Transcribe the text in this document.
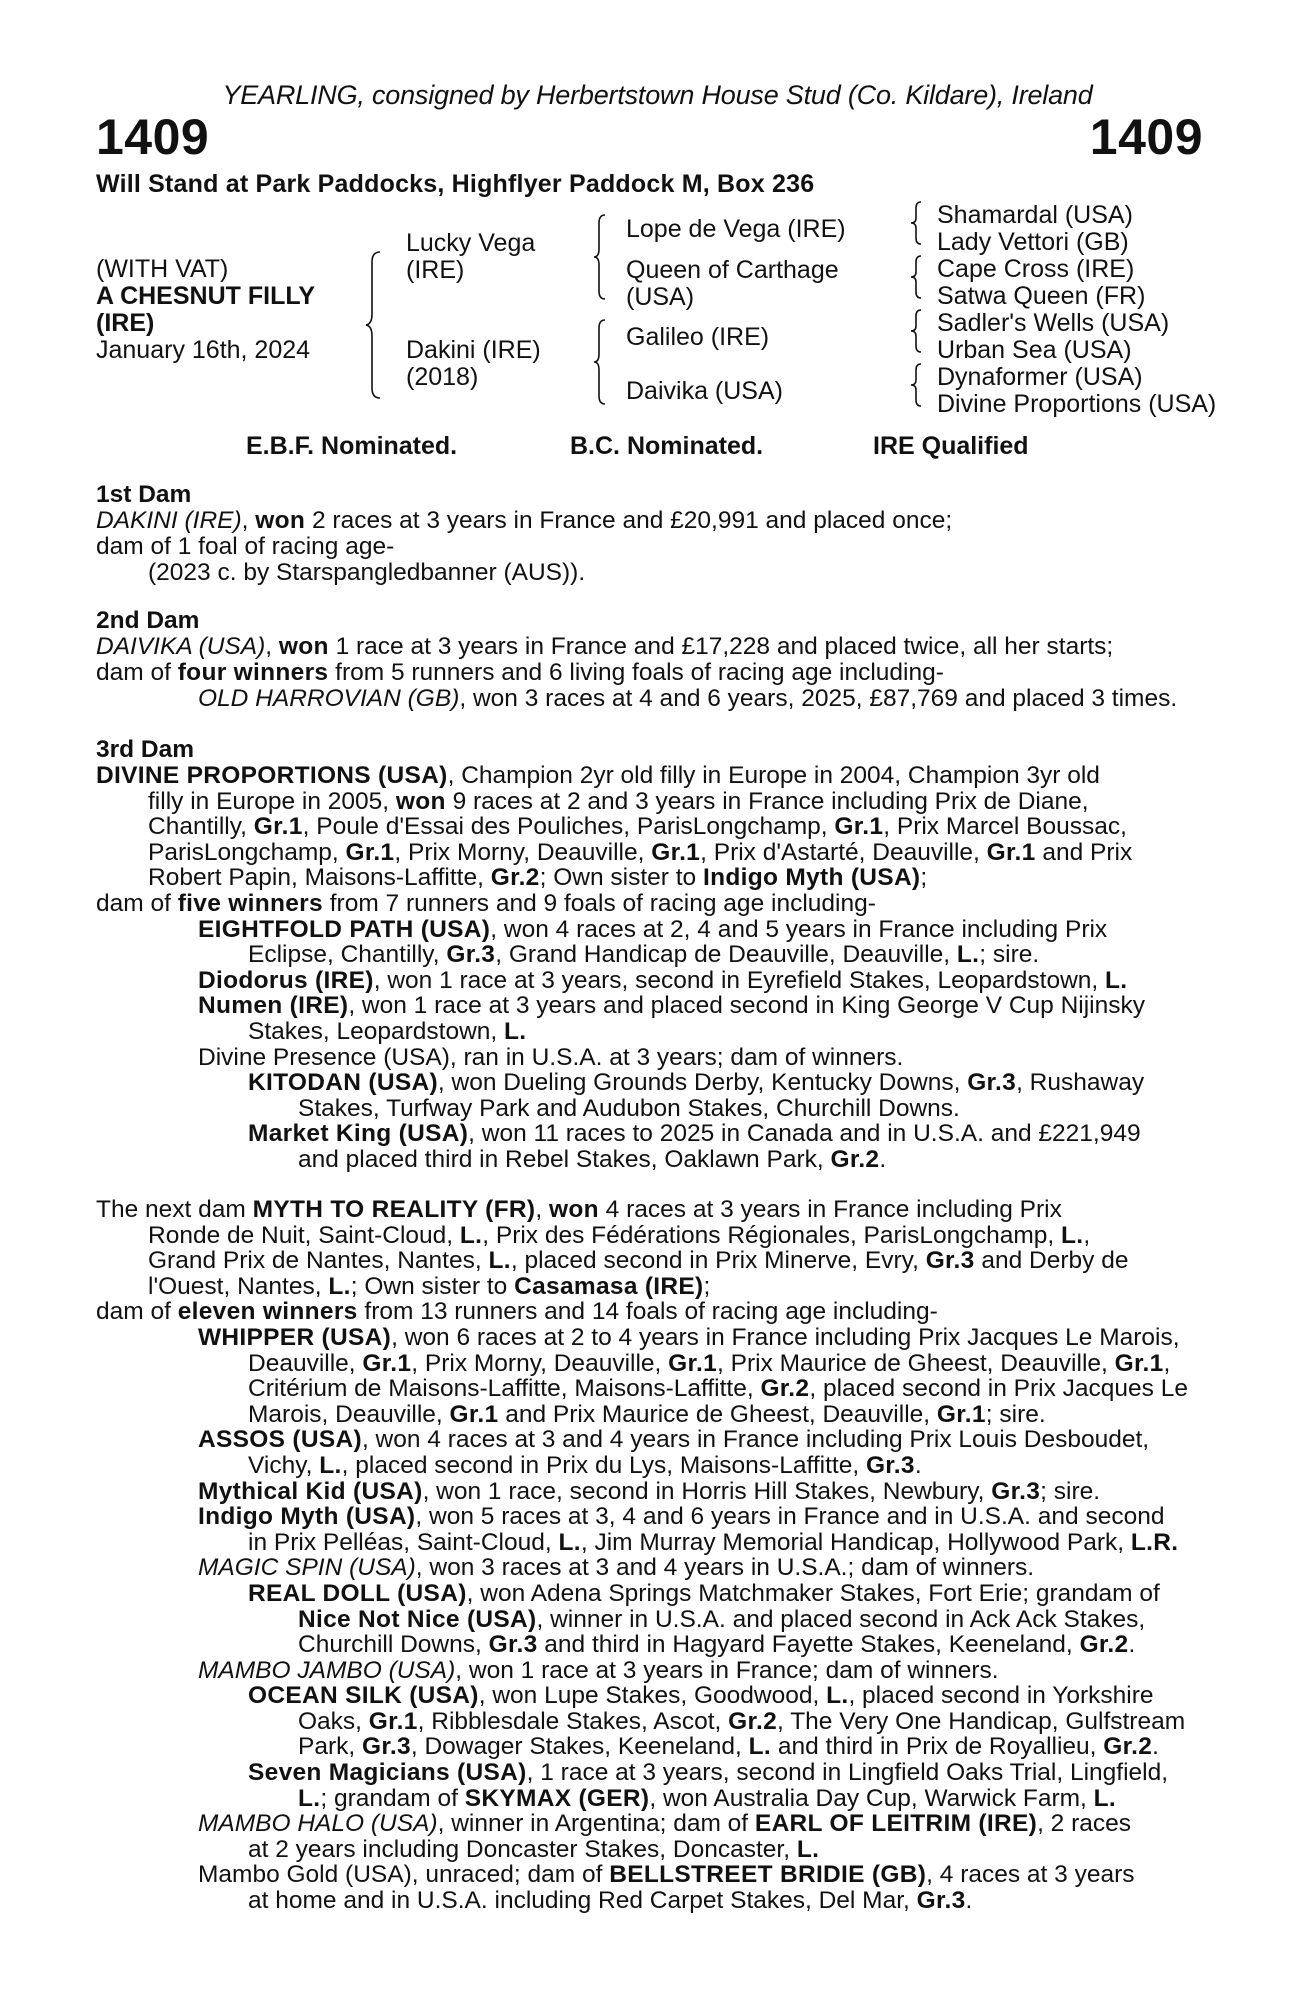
YEARLING, consigned by Herbertstown House Stud (Co. Kildare), Ireland
1409	1409
Will Stand at Park Paddocks, Highflyer Paddock M, Box 236
(WITH VAT)
A CHESNUT FILLY
(IRE)
January 16th, 2024
Lucky Vega
(IRE)
Dakini (IRE)
(2018)
Lope de Vega (IRE)
Queen of Carthage
(USA)
Galileo (IRE)
Daivika (USA)
Shamardal (USA)
Lady Vettori (GB)
Cape Cross (IRE)
Satwa Queen (FR)
Sadler's Wells (USA)
Urban Sea (USA)
Dynaformer (USA)
Divine Proportions (USA)
E.B.F. Nominated.	B.C. Nominated.	IRE Qualified
1st Dam
DAKINI (IRE), won 2 races at 3 years in France and £20,991 and placed once;
dam of 1 foal of racing age-
(2023 c. by Starspangledbanner (AUS)).
2nd Dam
DAIVIKA (USA), won 1 race at 3 years in France and £17,228 and placed twice, all her starts;
dam of four winners from 5 runners and 6 living foals of racing age including-
OLD HARROVIAN (GB), won 3 races at 4 and 6 years, 2025, £87,769 and placed 3 times.
3rd Dam
DIVINE PROPORTIONS (USA), Champion 2yr old filly in Europe in 2004, Champion 3yr old
filly in Europe in 2005, won 9 races at 2 and 3 years in France including Prix de Diane,
Chantilly, Gr.1, Poule d'Essai des Pouliches, ParisLongchamp, Gr.1, Prix Marcel Boussac,
ParisLongchamp, Gr.1, Prix Morny, Deauville, Gr.1, Prix d'Astarté, Deauville, Gr.1 and Prix
Robert Papin, Maisons-Laffitte, Gr.2; Own sister to Indigo Myth (USA);
dam of five winners from 7 runners and 9 foals of racing age including-
EIGHTFOLD PATH (USA), won 4 races at 2, 4 and 5 years in France including Prix
Eclipse, Chantilly, Gr.3, Grand Handicap de Deauville, Deauville, L.; sire.
Diodorus (IRE), won 1 race at 3 years, second in Eyrefield Stakes, Leopardstown, L.
Numen (IRE), won 1 race at 3 years and placed second in King George V Cup Nijinsky
Stakes, Leopardstown, L.
Divine Presence (USA), ran in U.S.A. at 3 years; dam of winners.
KITODAN (USA), won Dueling Grounds Derby, Kentucky Downs, Gr.3, Rushaway
Stakes, Turfway Park and Audubon Stakes, Churchill Downs.
Market King (USA), won 11 races to 2025 in Canada and in U.S.A. and £221,949
and placed third in Rebel Stakes, Oaklawn Park, Gr.2.
The next dam MYTH TO REALITY (FR), won 4 races at 3 years in France including Prix
Ronde de Nuit, Saint-Cloud, L., Prix des Fédérations Régionales, ParisLongchamp, L.,
Grand Prix de Nantes, Nantes, L., placed second in Prix Minerve, Evry, Gr.3 and Derby de
l'Ouest, Nantes, L.; Own sister to Casamasa (IRE);
dam of eleven winners from 13 runners and 14 foals of racing age including-
WHIPPER (USA), won 6 races at 2 to 4 years in France including Prix Jacques Le Marois,
Deauville, Gr.1, Prix Morny, Deauville, Gr.1, Prix Maurice de Gheest, Deauville, Gr.1,
Critérium de Maisons-Laffitte, Maisons-Laffitte, Gr.2, placed second in Prix Jacques Le
Marois, Deauville, Gr.1 and Prix Maurice de Gheest, Deauville, Gr.1; sire.
ASSOS (USA), won 4 races at 3 and 4 years in France including Prix Louis Desboudet,
Vichy, L., placed second in Prix du Lys, Maisons-Laffitte, Gr.3.
Mythical Kid (USA), won 1 race, second in Horris Hill Stakes, Newbury, Gr.3; sire.
Indigo Myth (USA), won 5 races at 3, 4 and 6 years in France and in U.S.A. and second
in Prix Pelléas, Saint-Cloud, L., Jim Murray Memorial Handicap, Hollywood Park, L.R.
MAGIC SPIN (USA), won 3 races at 3 and 4 years in U.S.A.; dam of winners.
REAL DOLL (USA), won Adena Springs Matchmaker Stakes, Fort Erie; grandam of
Nice Not Nice (USA), winner in U.S.A. and placed second in Ack Ack Stakes,
Churchill Downs, Gr.3 and third in Hagyard Fayette Stakes, Keeneland, Gr.2.
MAMBO JAMBO (USA), won 1 race at 3 years in France; dam of winners.
OCEAN SILK (USA), won Lupe Stakes, Goodwood, L., placed second in Yorkshire
Oaks, Gr.1, Ribblesdale Stakes, Ascot, Gr.2, The Very One Handicap, Gulfstream
Park, Gr.3, Dowager Stakes, Keeneland, L. and third in Prix de Royallieu, Gr.2.
Seven Magicians (USA), 1 race at 3 years, second in Lingfield Oaks Trial, Lingfield,
L.; grandam of SKYMAX (GER), won Australia Day Cup, Warwick Farm, L.
MAMBO HALO (USA), winner in Argentina; dam of EARL OF LEITRIM (IRE), 2 races
at 2 years including Doncaster Stakes, Doncaster, L.
Mambo Gold (USA), unraced; dam of BELLSTREET BRIDIE (GB), 4 races at 3 years
at home and in U.S.A. including Red Carpet Stakes, Del Mar, Gr.3.
